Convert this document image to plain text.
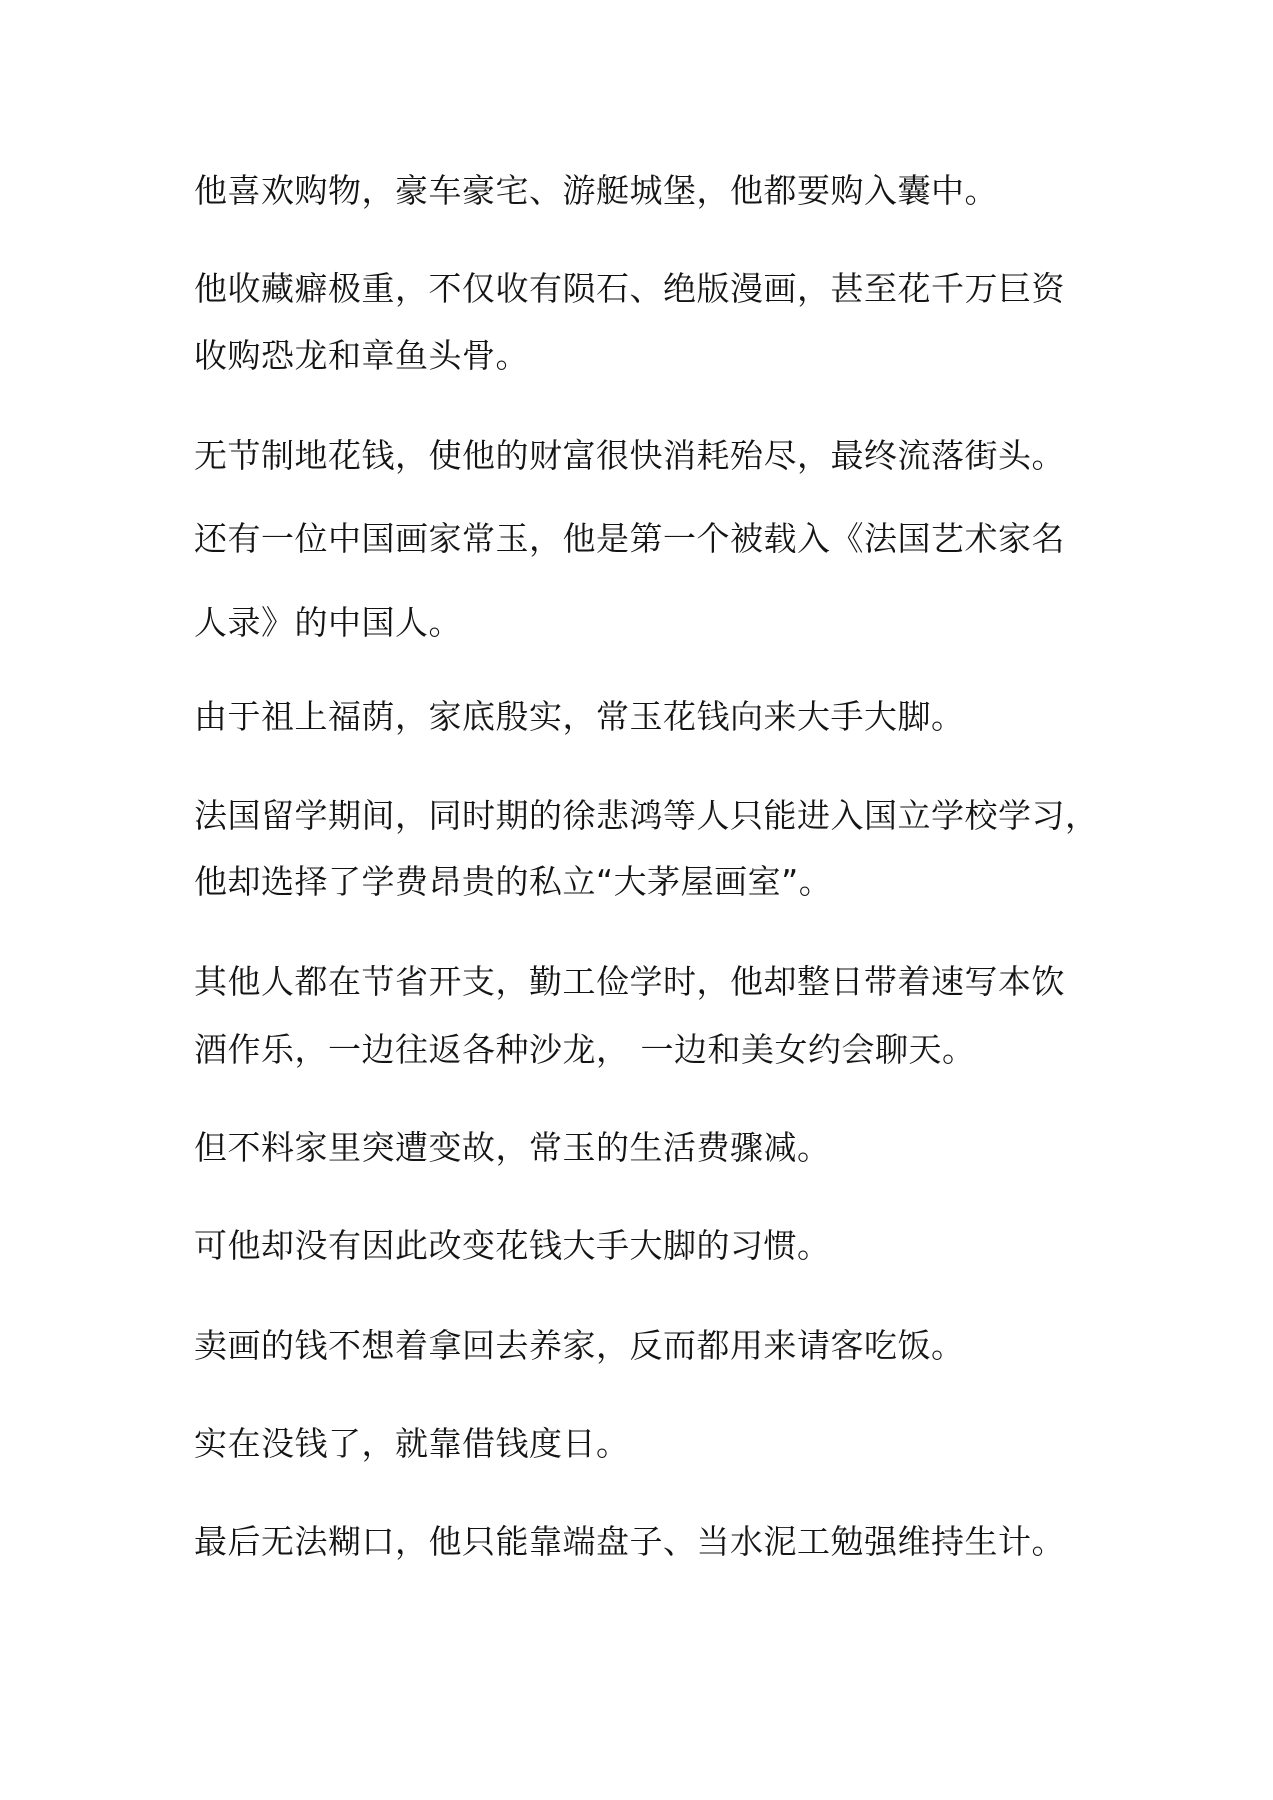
他喜欢购物，豪车豪宅、游艇城堡，他都要购入囊中。

他收藏癖极重，不仅收有陨石、绝版漫画，甚至花千万巨资

收购恐龙和章鱼头骨。

无节制地花钱，使他的财富很快消耗殆尽，最终流落街头。

还有一位中国画家常玉，他是第一个被载入《法国艺术家名

人录》的中国人。

由于祖上福荫，家底殷实，常玉花钱向来大手大脚。

法国留学期间，同时期的徐悲鸿等人只能进入国立学校学习，

他却选择了学费昂贵的私立“大茅屋画室”。

其他人都在节省开支，勤工俭学时，他却整日带着速写本饮

酒作乐，一边往返各种沙龙， 一边和美女约会聊天。

但不料家里突遭变故，常玉的生活费骤减。

可他却没有因此改变花钱大手大脚的习惯。

卖画的钱不想着拿回去养家，反而都用来请客吃饭。

实在没钱了，就靠借钱度日。

最后无法糊口，他只能靠端盘子、当水泥工勉强维持生计。
